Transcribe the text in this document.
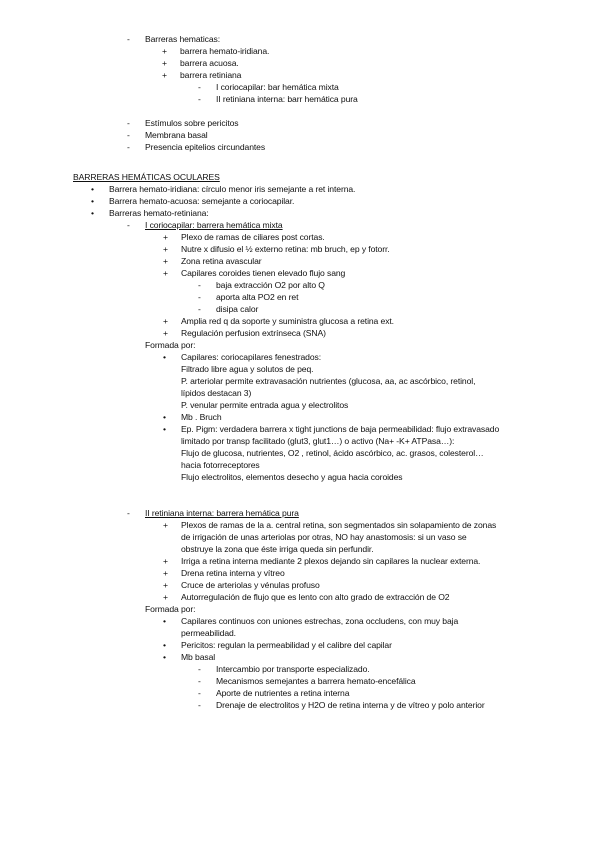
- Barreras hematicas:
+ barrera hemato-iridiana.
+ barrera acuosa.
+ barrera retiniana
- I coriocapilar: bar hemática mixta
- II retiniana interna: barr hemática pura
- Estímulos sobre pericitos
- Membrana basal
- Presencia epitelios circundantes
BARRERAS HEMÁTICAS OCULARES
• Barrera hemato-iridiana: círculo menor iris semejante a ret interna.
• Barrera hemato-acuosa: semejante a coriocapilar.
• Barreras hemato-retiniana:
- I coriocapilar: barrera hemática mixta
+ Plexo de ramas de ciliares post cortas.
+ Nutre x difusio el ½ externo retina: mb bruch, ep y fotorr.
+ Zona retina avascular
+ Capilares coroides tienen elevado flujo sang
- baja extracción O2 por alto Q
- aporta alta PO2 en ret
- disipa calor
+ Amplia red q da soporte y suministra glucosa a retina ext.
+ Regulación perfusion extrínseca (SNA)
Formada por:
• Capilares: coriocapilares fenestrados:
Filtrado libre agua y solutos de peq.
P. arteriolar permite extravasación nutrientes (glucosa, aa, ac ascórbico, retinol,
lípidos destacan 3)
P. venular permite entrada agua y electrolitos
• Mb . Bruch
• Ep. Pigm: verdadera barrera x tight junctions de baja permeabilidad: flujo extravasado
limitado por transp facilitado (glut3, glut1…) o activo (Na+ -K+ ATPasa…):
Flujo de glucosa, nutrientes, O2 , retinol, ácido ascórbico, ac. grasos, colesterol…
hacia fotorreceptores
Flujo electrolitos, elementos desecho y agua hacia coroides
- II retiniana interna: barrera hemática pura
+ Plexos de ramas de la a. central retina, son segmentados sin solapamiento de zonas
de irrigación de unas arteriolas por otras, NO hay anastomosis: si un vaso se
obstruye la zona que éste irriga queda sin perfundir.
+ Irriga a retina interna mediante 2 plexos dejando sin capilares la nuclear externa.
+ Drena retina interna y vítreo
+ Cruce de arteriolas y vénulas profuso
+ Autorregulación de flujo que es lento con alto grado de extracción de O2
Formada por:
• Capilares continuos con uniones estrechas, zona occludens, con muy baja
permeabilidad.
• Pericitos: regulan la permeabilidad y el calibre del capilar
• Mb basal
- Intercambio por transporte especializado.
- Mecanismos semejantes a barrera hemato-encefálica
- Aporte de nutrientes a retina interna
- Drenaje de electrolitos y H2O de retina interna y de vítreo y polo anterior
